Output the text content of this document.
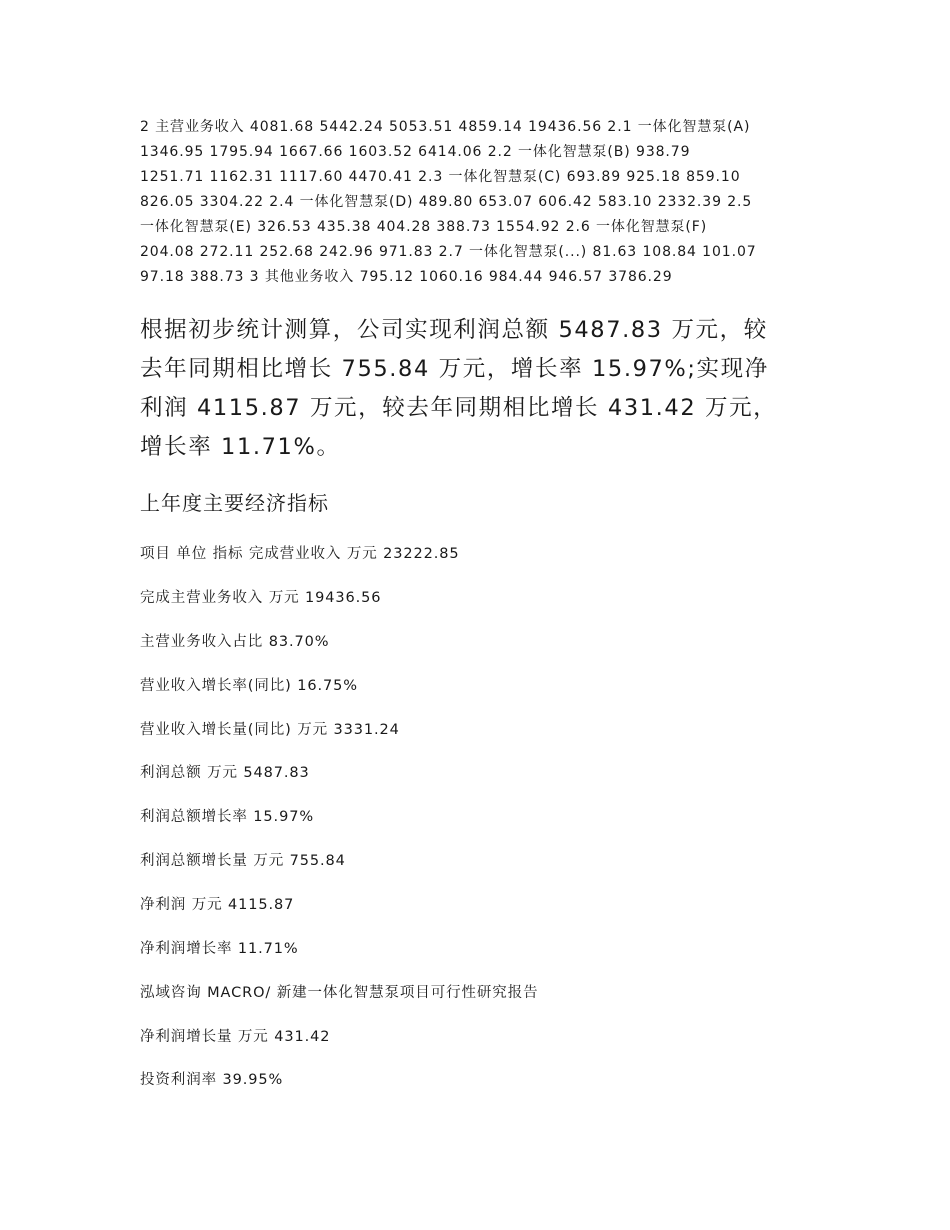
2 主营业务收入 4081.68 5442.24 5053.51 4859.14 19436.56 2.1 一体化智慧泵(A)
1346.95 1795.94 1667.66 1603.52 6414.06 2.2 一体化智慧泵(B) 938.79
1251.71 1162.31 1117.60 4470.41 2.3 一体化智慧泵(C) 693.89 925.18 859.10
826.05 3304.22 2.4 一体化智慧泵(D) 489.80 653.07 606.42 583.10 2332.39 2.5
一体化智慧泵(E) 326.53 435.38 404.28 388.73 1554.92 2.6 一体化智慧泵(F)
204.08 272.11 252.68 242.96 971.83 2.7 一体化智慧泵(...) 81.63 108.84 101.07
97.18 388.73 3 其他业务收入 795.12 1060.16 984.44 946.57 3786.29
根据初步统计测算，公司实现利润总额 5487.83 万元，较
去年同期相比增长 755.84 万元，增长率 15.97%;实现净
利润 4115.87 万元，较去年同期相比增长 431.42 万元，
增长率 11.71%。
上年度主要经济指标
项目 单位 指标 完成营业收入 万元 23222.85
完成主营业务收入 万元 19436.56
主营业务收入占比 83.70%
营业收入增长率(同比) 16.75%
营业收入增长量(同比) 万元 3331.24
利润总额 万元 5487.83
利润总额增长率 15.97%
利润总额增长量 万元 755.84
净利润 万元 4115.87
净利润增长率 11.71%
泓域咨询 MACRO/ 新建一体化智慧泵项目可行性研究报告
净利润增长量 万元 431.42
投资利润率 39.95%
